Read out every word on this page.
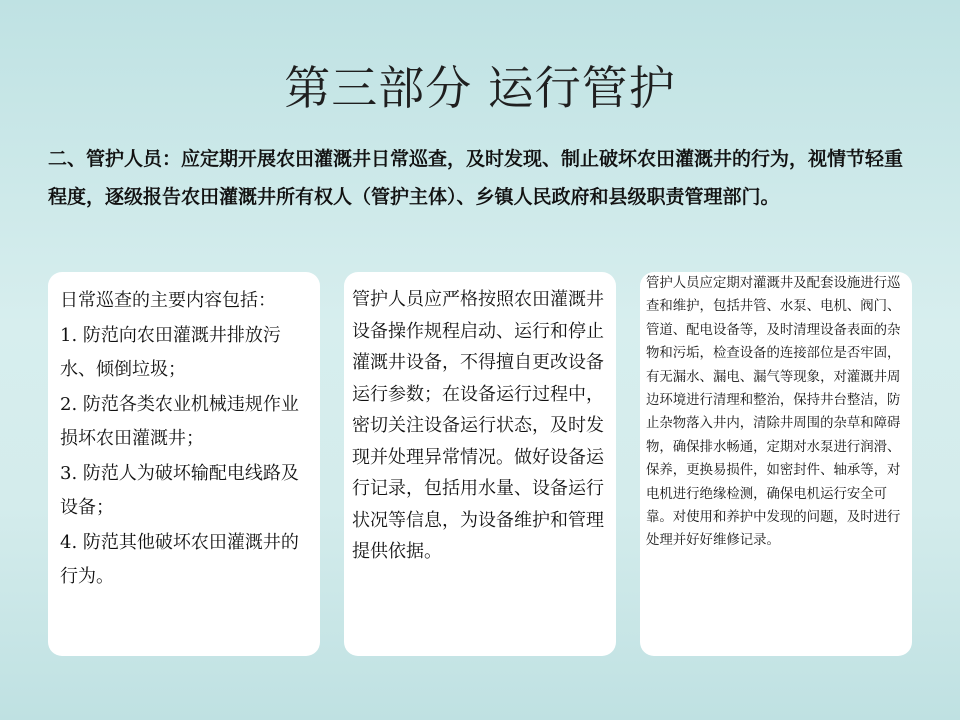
第三部分 运行管护

二、管护人员：应定期开展农田灌溉井日常巡查，及时发现、制止破坏农田灌溉井的行为，视情节轻重程度，逐级报告农田灌溉井所有权人（管护主体）、乡镇人民政府和县级职责管理部门。

日常巡查的主要内容包括：
1. 防范向农田灌溉井排放污水、倾倒垃圾；
2. 防范各类农业机械违规作业损坏农田灌溉井；
3. 防范人为破坏输配电线路及设备；
4. 防范其他破坏农田灌溉井的行为。

管护人员应严格按照农田灌溉井设备操作规程启动、运行和停止灌溉井设备，不得擅自更改设备运行参数；在设备运行过程中，密切关注设备运行状态，及时发现并处理异常情况。做好设备运行记录，包括用水量、设备运行状况等信息，为设备维护和管理提供依据。

管护人员应定期对灌溉井及配套设施进行巡查和维护，包括井管、水泵、电机、阀门、管道、配电设备等，及时清理设备表面的杂物和污垢，检查设备的连接部位是否牢固，有无漏水、漏电、漏气等现象，对灌溉井周边环境进行清理和整治，保持井台整洁，防止杂物落入井内，清除井周围的杂草和障碍物，确保排水畅通，定期对水泵进行润滑、保养，更换易损件，如密封件、轴承等，对电机进行绝缘检测，确保电机运行安全可靠。对使用和养护中发现的问题，及时进行处理并好好维修记录。
